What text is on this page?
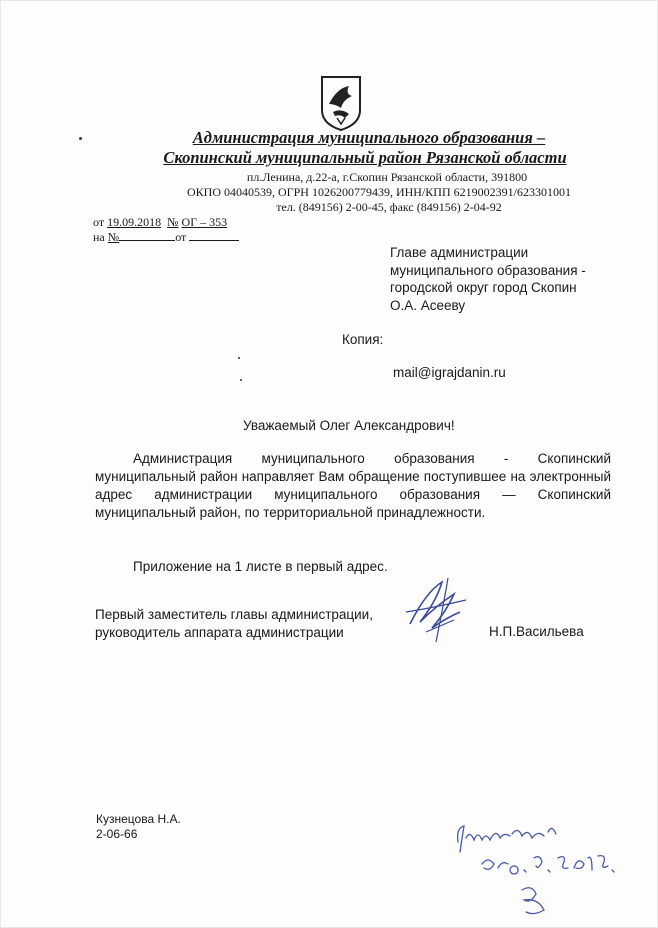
Администрация муниципального образования –
Скопинский муниципальный район Рязанской области
пл.Ленина, д.22-а, г.Скопин Рязанской области, 391800
ОКПО 04040539, ОГРН 1026200779439, ИНН/КПП 6219002391/623301001
тел. (849156) 2-00-45, факс (849156) 2-04-92
от 19.09.2018 № ОГ – 353
на №	от
Главе администрации
муниципального образования -
городской округ город Скопин
О.А. Асееву
Копия:
mail@igrajdanin.ru
Уважаемый Олег Александрович!
Администрация муниципального образования - Скопинский муниципальный район направляет Вам обращение поступившее на электронный адрес администрации муниципального образования — Скопинский муниципальный район, по территориальной принадлежности.
Приложение на 1 листе в первый адрес.
Первый заместитель главы администрации,
руководитель аппарата администрации	Н.П.Васильева
Кузнецова Н.А.
2-06-66
